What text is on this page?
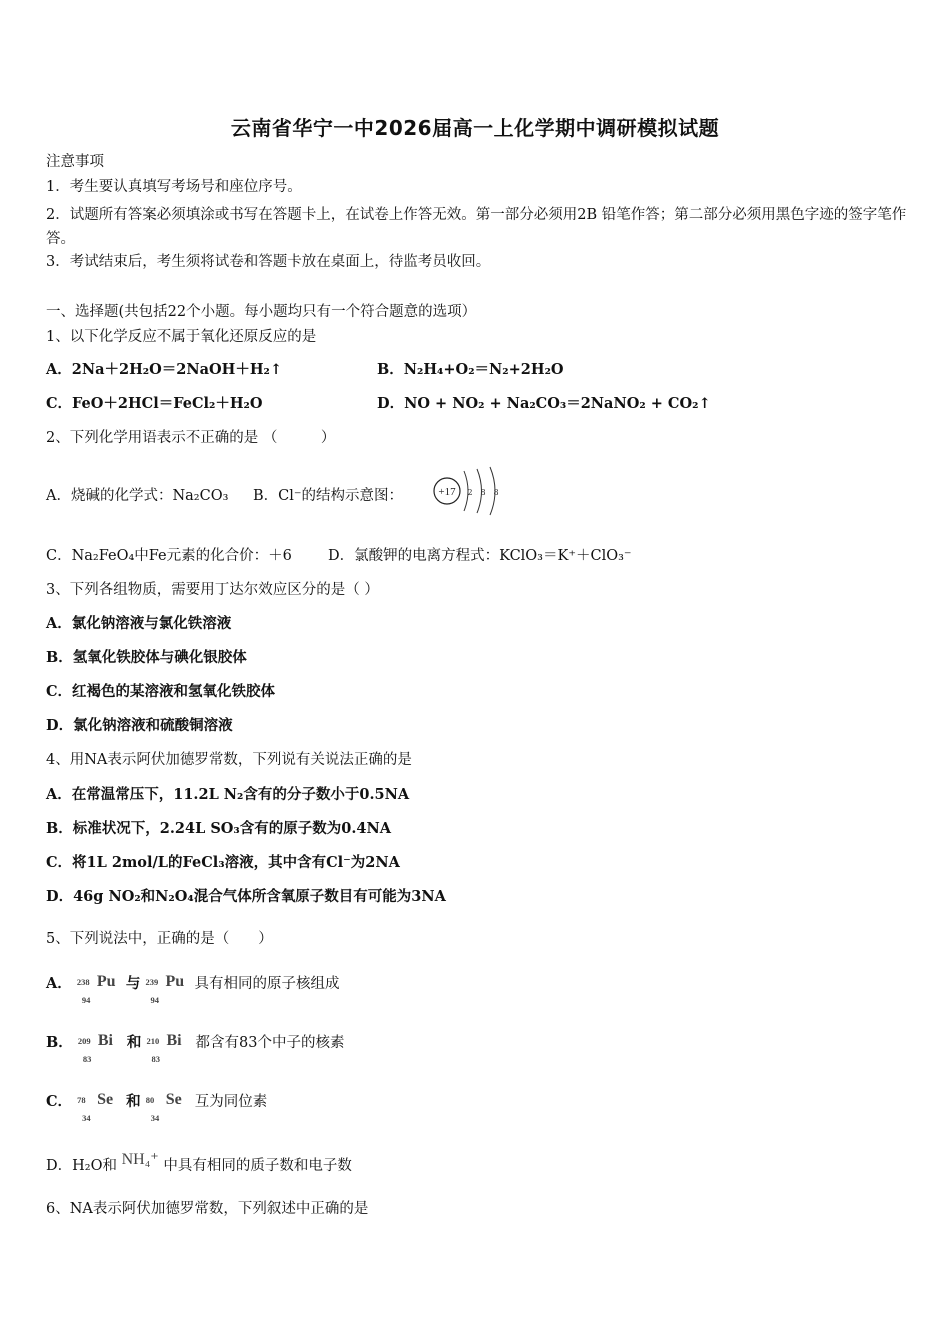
云南省华宁一中2026届高一上化学期中调研模拟试题
注意事项
1．考生要认真填写考场号和座位序号。
2．试题所有答案必须填涂或书写在答题卡上，在试卷上作答无效。第一部分必须用2B 铅笔作答；第二部分必须用黑色字迹的签字笔作答。
3．考试结束后，考生须将试卷和答题卡放在桌面上，待监考员收回。
一、选择题(共包括22个小题。每小题均只有一个符合题意的选项）
1、以下化学反应不属于氧化还原反应的是
A．2Na＋2H₂O＝2NaOH＋H₂↑	B．N₂H₄+O₂＝N₂+2H₂O
C．FeO＋2HCl＝FeCl₂＋H₂O	D．NO + NO₂ + Na₂CO₃＝2NaNO₂ + CO₂↑
2、下列化学用语表示不正确的是 （　　　）
A．烧碱的化学式：Na₂CO₃ B．Cl⁻的结构示意图：	+17 2 8 8
C．Na₂FeO₄中Fe元素的化合价：＋6 D．氯酸钾的电离方程式：KClO₃＝K⁺＋ClO₃⁻
3、下列各组物质，需要用丁达尔效应区分的是（ ）
A．氯化钠溶液与氯化铁溶液
B．氢氧化铁胶体与碘化银胶体
C．红褐色的某溶液和氢氧化铁胶体
D．氯化钠溶液和硫酸铜溶液
4、用NA表示阿伏加德罗常数，下列说有关说法正确的是
A．在常温常压下，11.2L N₂含有的分子数小于0.5NA
B．标准状况下，2.24L SO₃含有的原子数为0.4NA
C．将1L 2mol/L的FeCl₃溶液，其中含有Cl⁻为2NA
D．46g NO₂和N₂O₄混合气体所含氧原子数目有可能为3NA
5、下列说法中，正确的是（　　）
A． 238
94
Pu 与 239
94
Pu 具有相同的原子核组成
B． 209
83
Bi 和 210
83
Bi 都含有83个中子的核素
C． 78
34
Se 和 80
34
Se 互为同位素
D．H₂O和 NH₄⁺ 中具有相同的质子数和电子数
6、NA表示阿伏加德罗常数，下列叙述中正确的是
